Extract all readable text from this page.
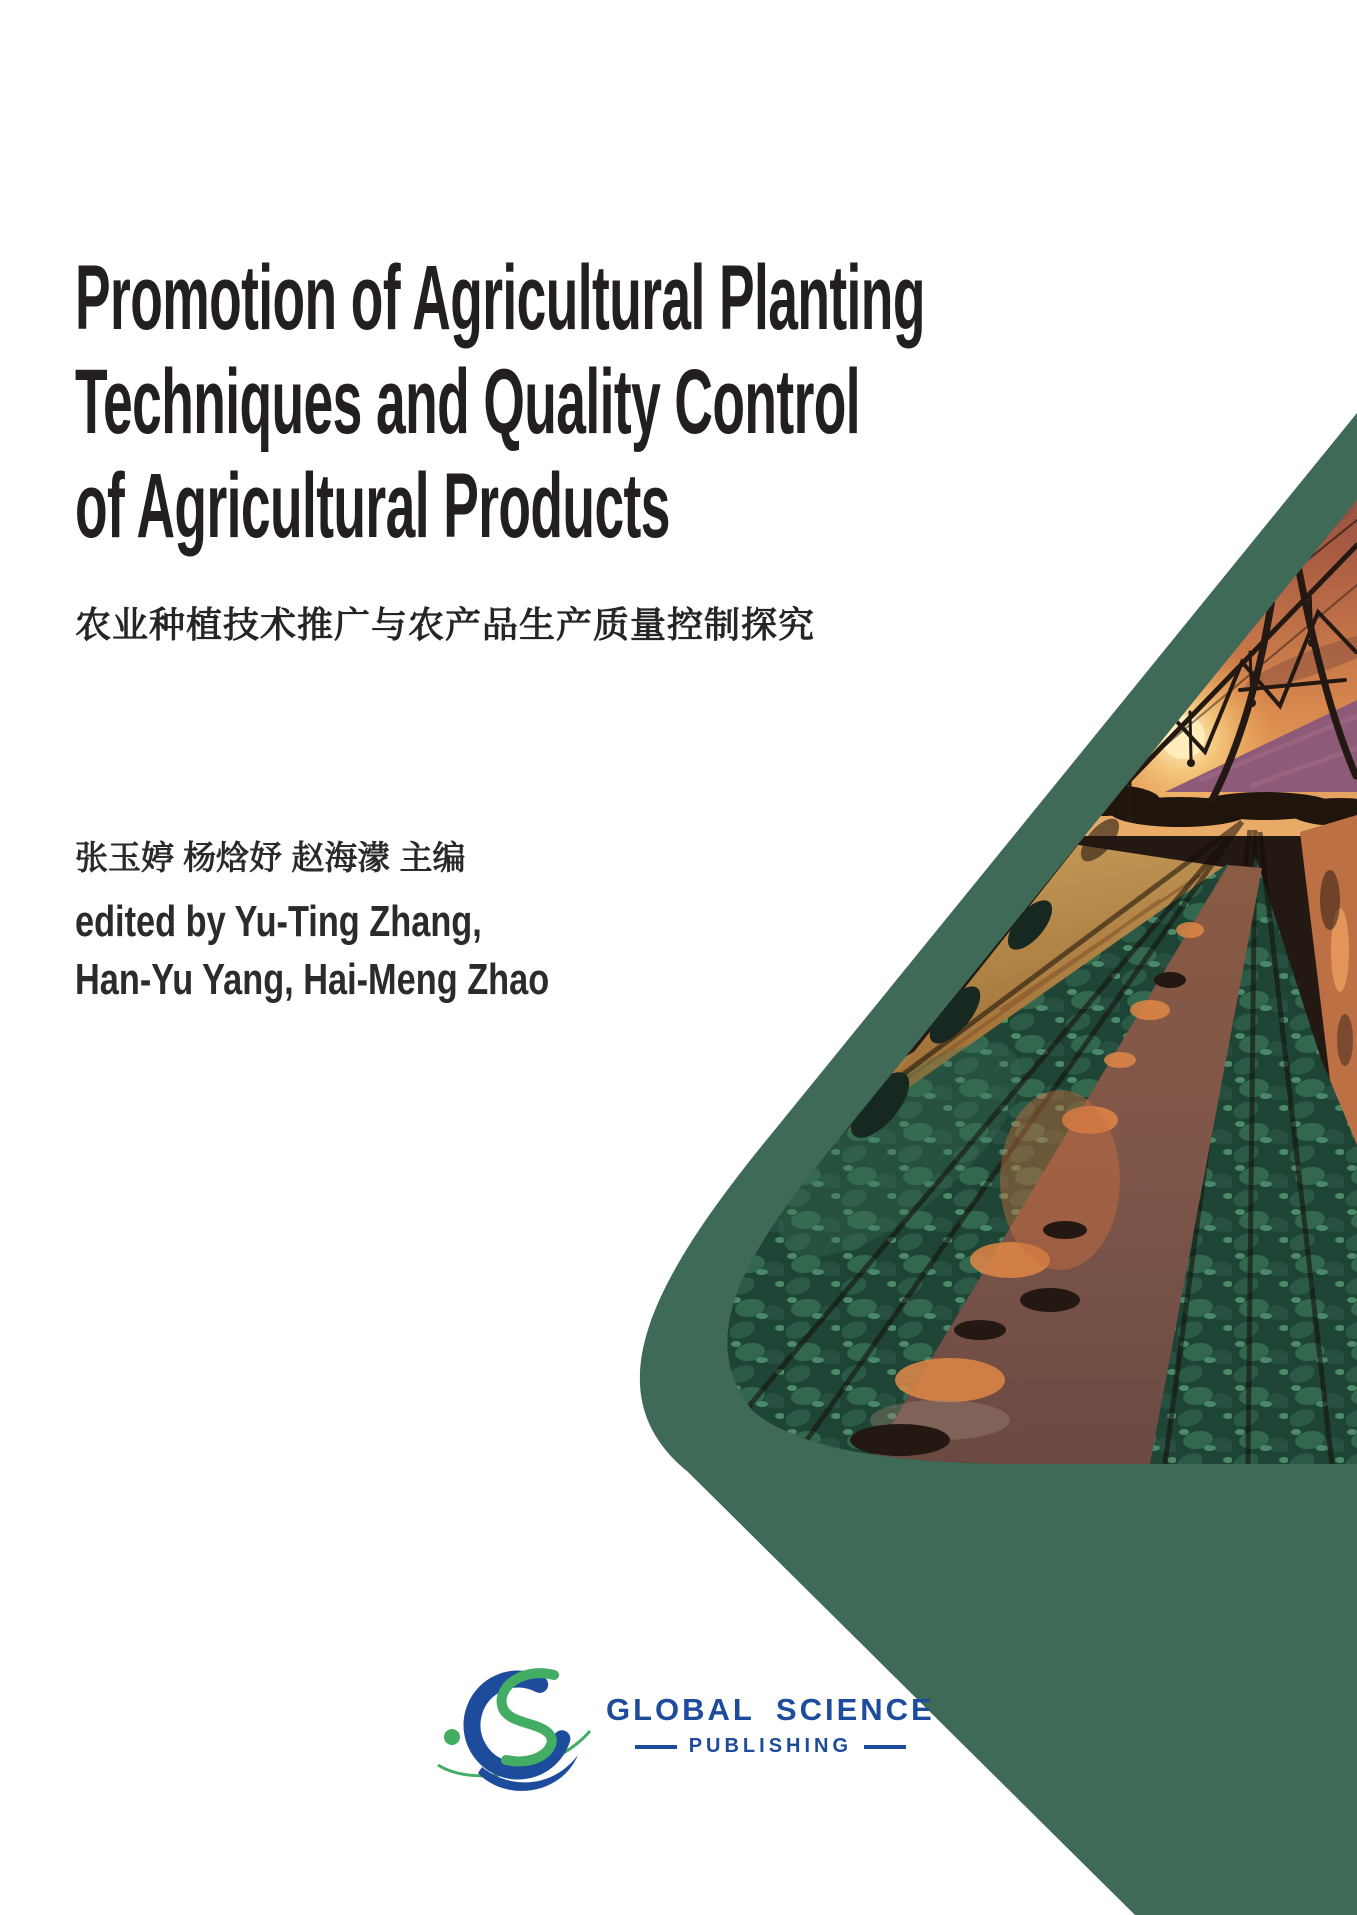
Promotion of Agricultural Planting
Techniques and Quality Control
of Agricultural Products
农业种植技术推广与农产品生产质量控制探究
张玉婷 杨焓妤 赵海濛 主编
edited by Yu-Ting Zhang,
Han-Yu Yang, Hai-Meng Zhao
GLOBAL SCIENCE
PUBLISHING
